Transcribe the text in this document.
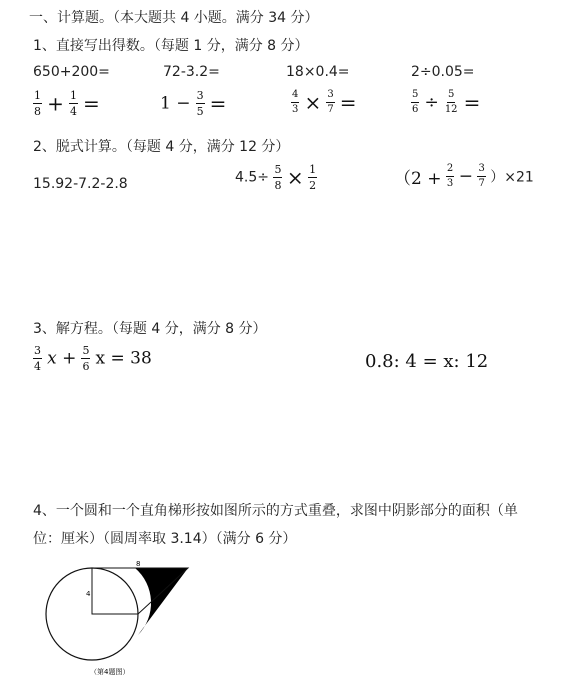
一、计算题。（本大题共 4 小题。满分 34 分）
1、直接写出得数。（每题 1 分，满分 8 分）
650+200=	72-3.2=	18×0.4=	2÷0.05=
$\frac{1}{8} + \frac{1}{4}$ =	$1 - \frac{3}{5}$ =	$\frac{4}{3} \times \frac{3}{7}$ =	$\frac{5}{6} \div \frac{5}{12}$ =
2、脱式计算。（每题 4 分，满分 12 分）
15.92-7.2-2.8	$4.5\div \frac{5}{8} \times \frac{1}{2}$	$(2 + \frac{2}{3} - \frac{3}{7} )\times 21$
3、解方程。（每题 4 分，满分 8 分）
$\frac{3}{4}$ $x + \frac{5}{6}$ x = 38	0.8: 4 = x: 12
4、一个圆和一个直角梯形按如图所示的方式重叠，求图中阴影部分的面积（单
位：厘米）（圆周率取 3.14）（满分 6 分）
8
4
（第4题图）
